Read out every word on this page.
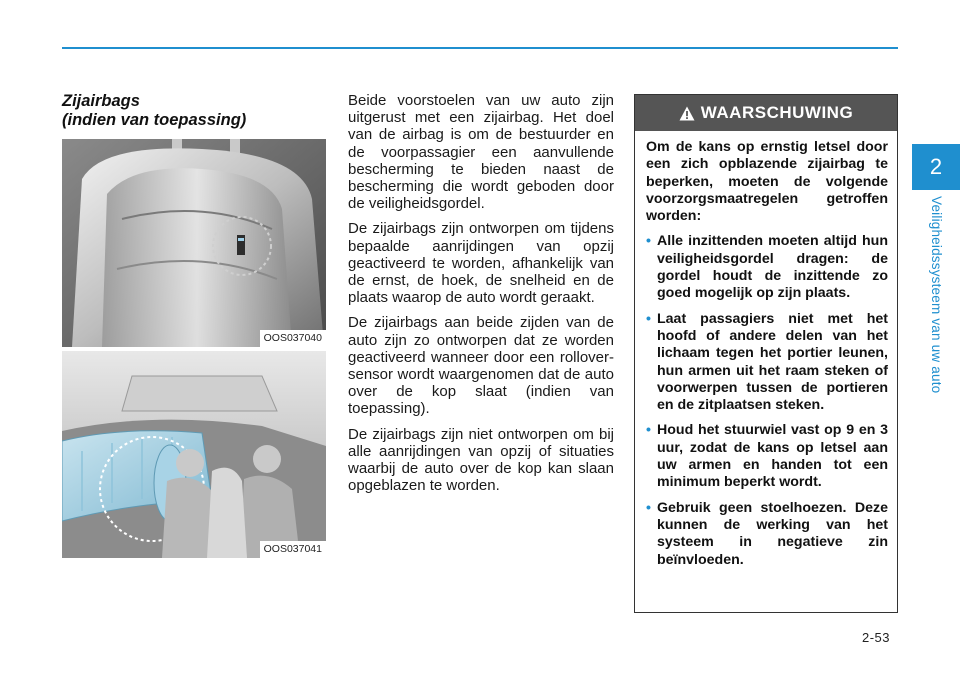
2
Veiligheidssysteem van uw auto
Zijairbags
(indien van toepassing)
OOS037040
OOS037041

Beide voorstoelen van uw auto zijn uitgerust met een zijairbag. Het doel van de airbag is om de bestuurder en de voorpassagier een aanvullende bescherming te bieden naast de bescherming die wordt geboden door de veiligheidsgordel.

De zijairbags zijn ontworpen om tijdens bepaalde aanrijdingen van opzij geactiveerd te worden, afhankelijk van de ernst, de hoek, de snelheid en de plaats waarop de auto wordt geraakt.

De zijairbags aan beide zijden van de auto zijn zo ontworpen dat ze worden geactiveerd wanneer door een rollover-sensor wordt waargenomen dat de auto over de kop slaat (indien van toepassing).

De zijairbags zijn niet ontworpen om bij alle aanrijdingen van opzij of situaties waarbij de auto over de kop kan slaan opgeblazen te worden.

WAARSCHUWING

Om de kans op ernstig letsel door een zich opblazende zijairbag te beperken, moeten de volgende voorzorgsmaatregelen getroffen worden:

• Alle inzittenden moeten altijd hun veiligheidsgordel dragen: de gordel houdt de inzittende zo goed mogelijk op zijn plaats.
• Laat passagiers niet met het hoofd of andere delen van het lichaam tegen het portier leunen, hun armen uit het raam steken of voorwerpen tussen de portieren en de zitplaatsen steken.
• Houd het stuurwiel vast op 9 en 3 uur, zodat de kans op letsel aan uw armen en handen tot een minimum beperkt wordt.
• Gebruik geen stoelhoezen. Deze kunnen de werking van het systeem in negatieve zin beïnvloeden.
2-53
